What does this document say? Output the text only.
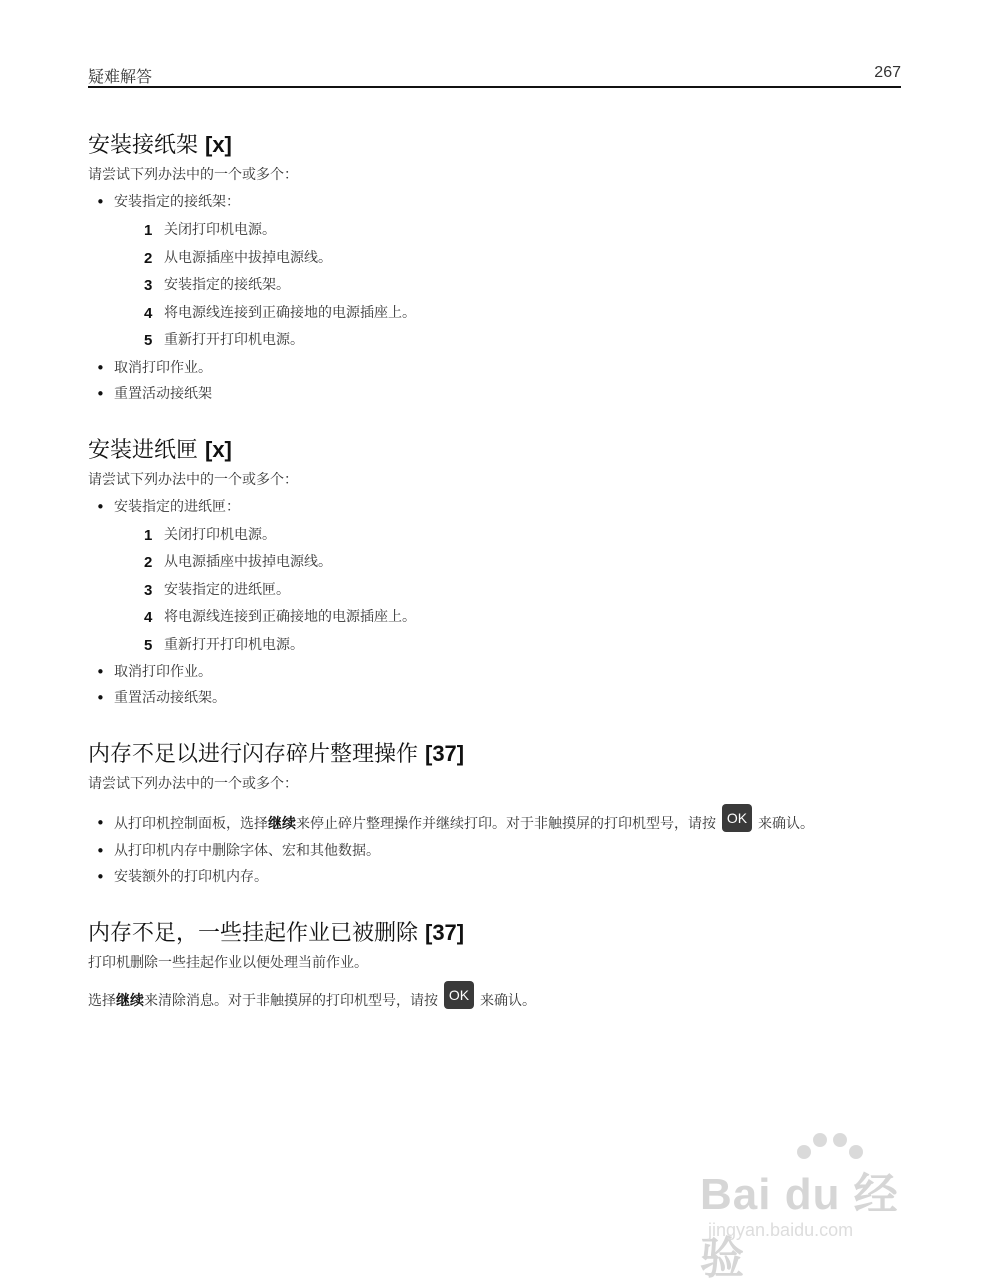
疑难解答	267
安装接纸架 [x]

请尝试下列办法中的一个或多个：

• 安装指定的接纸架：
1 关闭打印机电源。
2 从电源插座中拔掉电源线。
3 安装指定的接纸架。
4 将电源线连接到正确接地的电源插座上。
5 重新打开打印机电源。
• 取消打印作业。
• 重置活动接纸架
安装进纸匣 [x]

请尝试下列办法中的一个或多个：

• 安装指定的进纸匣：
1 关闭打印机电源。
2 从电源插座中拔掉电源线。
3 安装指定的进纸匣。
4 将电源线连接到正确接地的电源插座上。
5 重新打开打印机电源。
• 取消打印作业。
• 重置活动接纸架。
内存不足以进行闪存碎片整理操作 [37]

请尝试下列办法中的一个或多个：

• 从打印机控制面板，选择继续来停止碎片整理操作并继续打印。对于非触摸屏的打印机型号，请按 OK 来确认。
• 从打印机内存中删除字体、宏和其他数据。
• 安装额外的打印机内存。
内存不足，一些挂起作业已被删除 [37]

打印机删除一些挂起作业以便处理当前作业。

选择继续来清除消息。对于非触摸屏的打印机型号，请按 OK 来确认。

Bai du 经验
jingyan.baidu.com
